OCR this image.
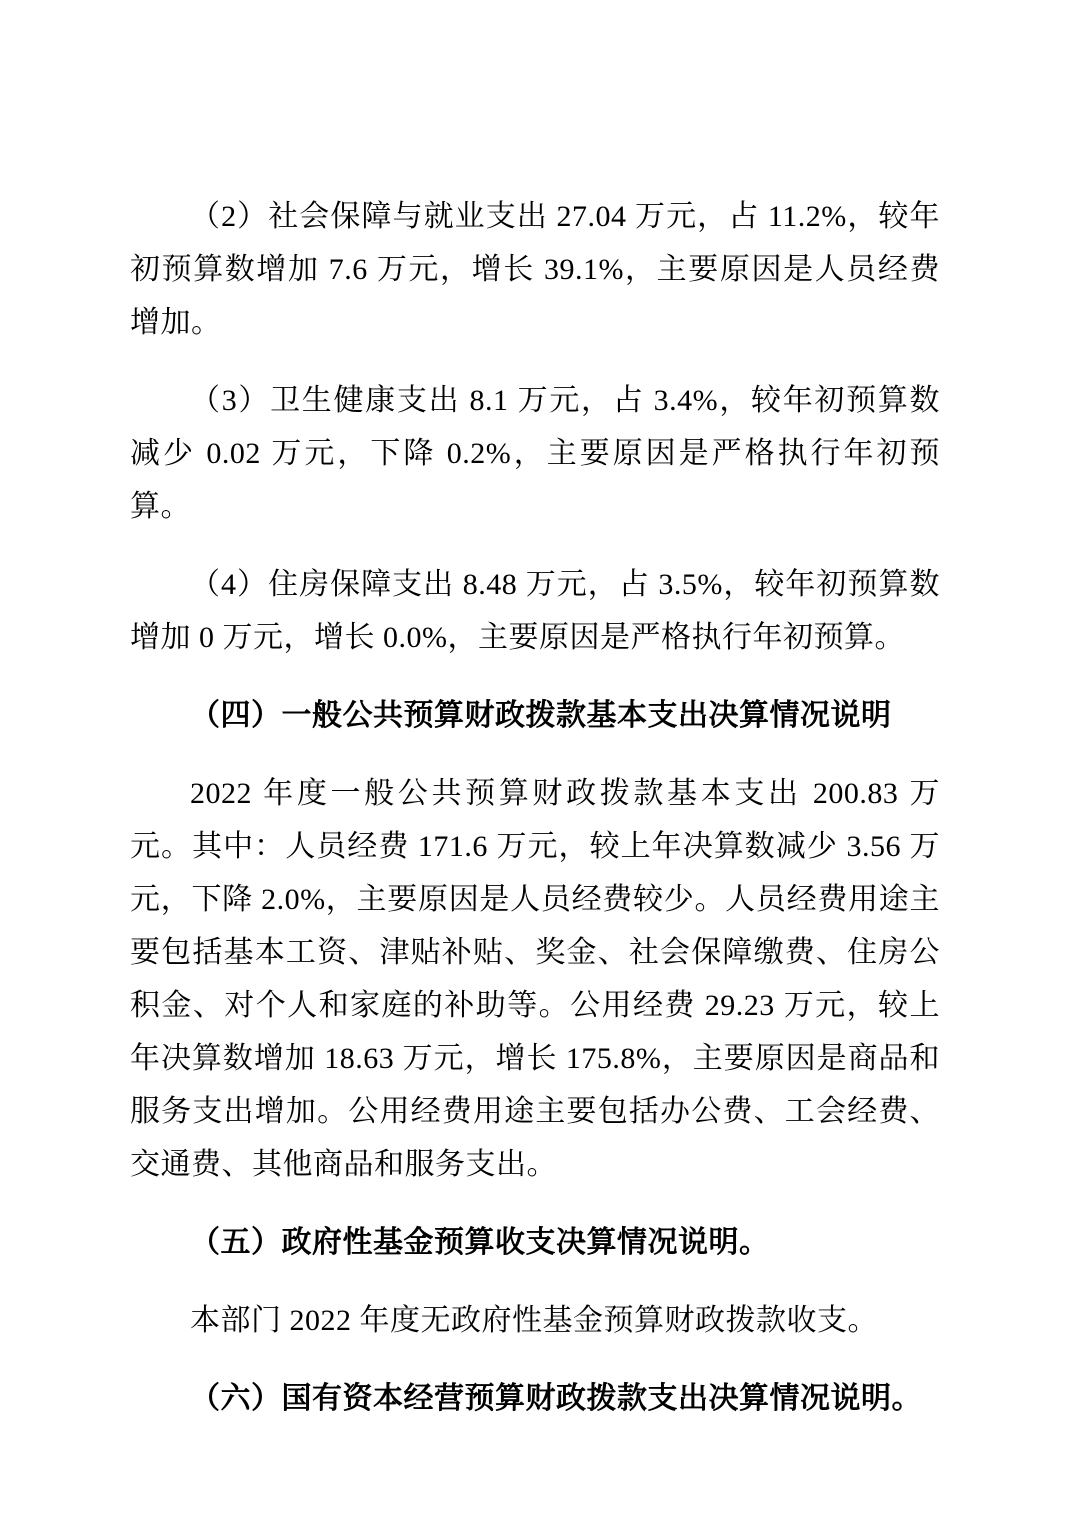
（2）社会保障与就业支出 27.04 万元，占 11.2%，较年初预算数增加 7.6 万元，增长 39.1%，主要原因是人员经费增加。

（3）卫生健康支出 8.1 万元，占 3.4%，较年初预算数减少 0.02 万元，下降 0.2%，主要原因是严格执行年初预算。

（4）住房保障支出 8.48 万元，占 3.5%，较年初预算数增加 0 万元，增长 0.0%，主要原因是严格执行年初预算。

（四）一般公共预算财政拨款基本支出决算情况说明

2022 年度一般公共预算财政拨款基本支出 200.83 万元。其中：人员经费 171.6 万元，较上年决算数减少 3.56 万元，下降 2.0%，主要原因是人员经费较少。人员经费用途主要包括基本工资、津贴补贴、奖金、社会保障缴费、住房公积金、对个人和家庭的补助等。公用经费 29.23 万元，较上年决算数增加 18.63 万元，增长 175.8%，主要原因是商品和服务支出增加。公用经费用途主要包括办公费、工会经费、交通费、其他商品和服务支出。

（五）政府性基金预算收支决算情况说明。

本部门 2022 年度无政府性基金预算财政拨款收支。

（六）国有资本经营预算财政拨款支出决算情况说明。
